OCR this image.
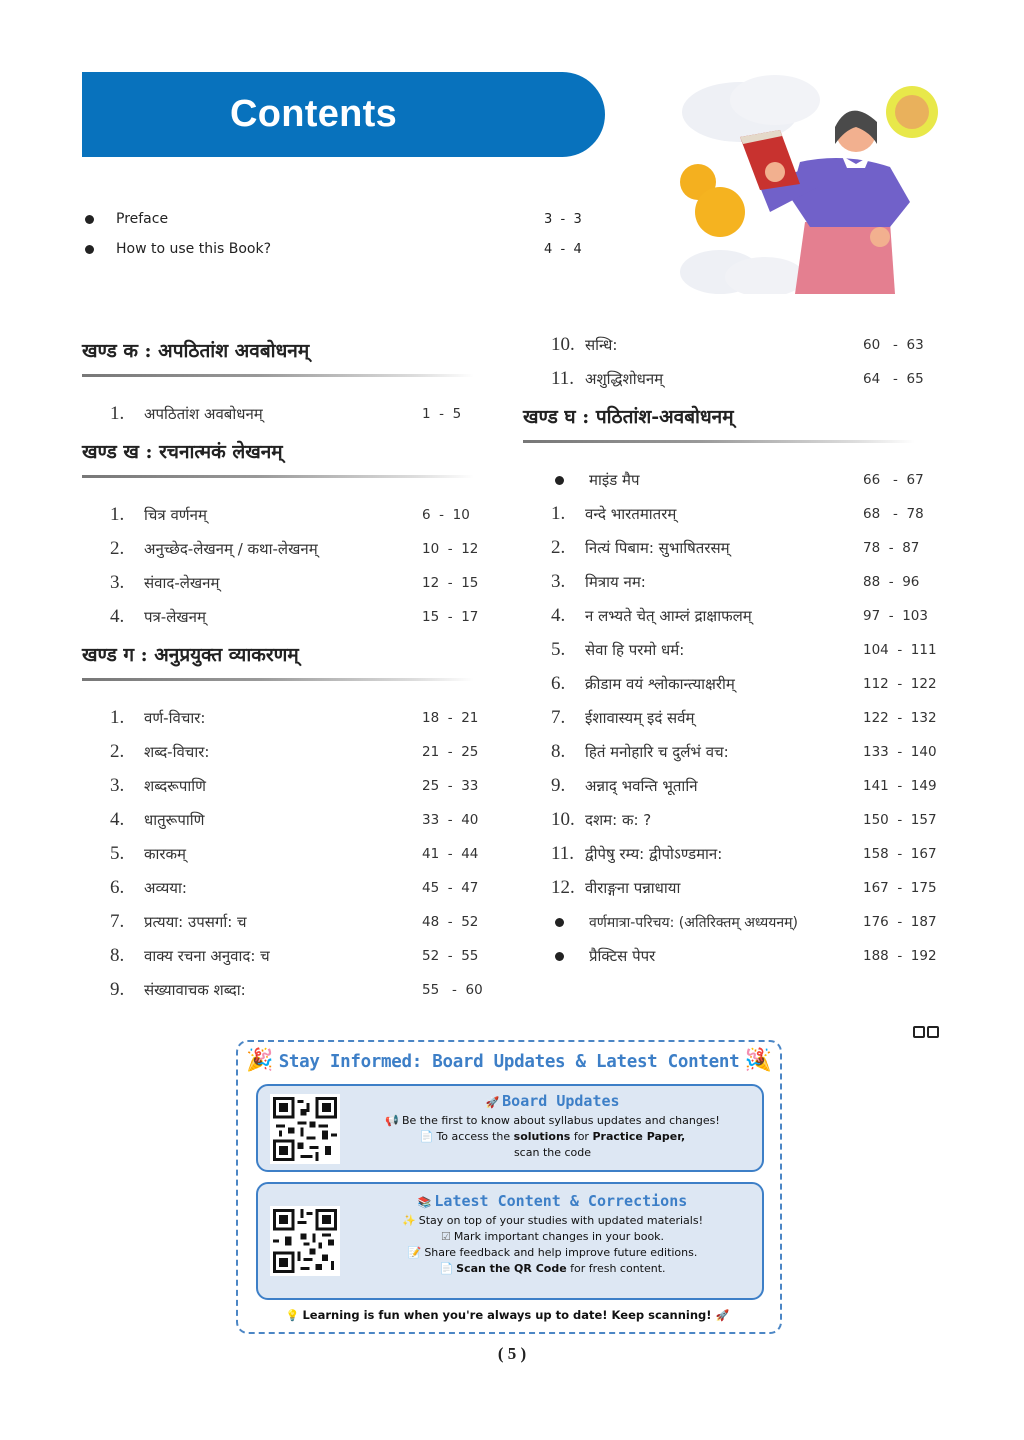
Contents
Preface	3  -  3
How to use this Book?	4  -  4
खण्ड क : अपठितांश अवबोधनम्
1.	अपठितांश अवबोधनम्	1  -  5
खण्ड ख : रचनात्मकं लेखनम्
1.	चित्र वर्णनम्	6  -  10
2.	अनुच्छेद-लेखनम् / कथा-लेखनम्	10  -  12
3.	संवाद-लेखनम्	12  -  15
4.	पत्र-लेखनम्	15  -  17
खण्ड ग : अनुप्रयुक्त व्याकरणम्
1.	वर्ण-विचार:	18  -  21
2.	शब्द-विचार:	21  -  25
3.	शब्दरूपाणि	25  -  33
4.	धातुरूपाणि	33  -  40
5.	कारकम्	41  -  44
6.	अव्यया:	45  -  47
7.	प्रत्यया: उपसर्गा: च	48  -  52
8.	वाक्य रचना अनुवाद: च	52  -  55
9.	संख्यावाचक शब्दा:	55   -  60
10. सन्धि:	60   -  63
11. अशुद्धिशोधनम्	64   -  65
खण्ड घ : पठितांश-अवबोधनम्
माइंड मैप	66   -  67
1.	वन्दे भारतमातरम्	68   -  78
2.	नित्यं पिबाम: सुभाषितरसम्	78  -  87
3.	मित्राय नम:	88  -  96
4.	न लभ्यते चेत् आम्लं द्राक्षाफलम्	97  -  103
5.	सेवा हि परमो धर्म:	104  -  111
6.	क्रीडाम वयं श्लोकान्त्याक्षरीम्	112  -  122
7.	ईशावास्यम् इदं सर्वम्	122  -  132
8.	हितं मनोहारि च दुर्लभं वच:	133  -  140
9.	अन्नाद् भवन्ति भूतानि	141  -  149
10. दशम: क: ?	150  -  157
11. द्वीपेषु रम्य: द्वीपोऽण्डमान:	158  -  167
12. वीराङ्गना पन्नाधाया	167  -  175
वर्णमात्रा-परिचय: (अतिरिक्तम् अध्ययनम्)	176  -  187
प्रैक्टिस पेपर	188  -  192
🎉 Stay Informed: Board Updates & Latest Content 🎉
🚀 Board Updates
📢 Be the first to know about syllabus updates and changes!
📄 To access the solutions for Practice Paper,
scan the code
📚 Latest Content & Corrections
✨ Stay on top of your studies with updated materials!
☑ Mark important changes in your book.
📝 Share feedback and help improve future editions.
📄 Scan the QR Code for fresh content.
💡 Learning is fun when you're always up to date! Keep scanning! 🚀
( 5 )
